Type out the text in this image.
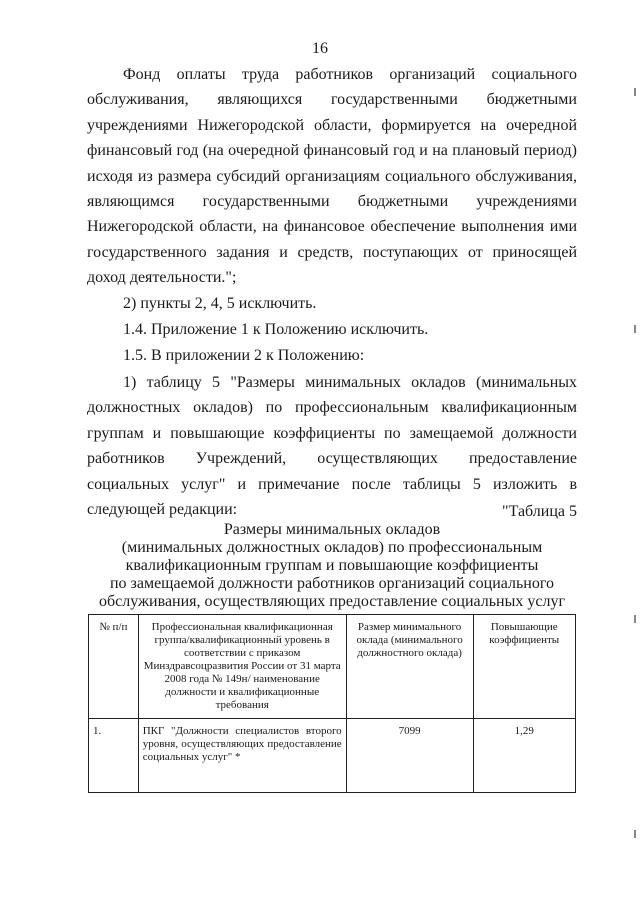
16

Фонд оплаты труда работников организаций социального обслуживания, являющихся государственными бюджетными учреждениями Нижегородской области, формируется на очередной финансовый год (на очередной финансовый год и на плановый период) исходя из размера субсидий организациям социального обслуживания, являющимся государственными бюджетными учреждениями Нижегородской области, на финансовое обеспечение выполнения ими государственного задания и средств, поступающих от приносящей доход деятельности.";

2) пункты 2, 4, 5 исключить.

1.4. Приложение 1 к Положению исключить.

1.5. В приложении 2 к Положению:

1) таблицу 5 "Размеры минимальных окладов (минимальных должностных окладов) по профессиональным квалификационным группам и повышающие коэффициенты по замещаемой должности работников Учреждений, осуществляющих предоставление социальных услуг" и примечание после таблицы 5 изложить в следующей редакции:	"Таблица 5
Размеры минимальных окладов
(минимальных должностных окладов) по профессиональным
квалификационным группам и повышающие коэффициенты
по замещаемой должности работников организаций социального
обслуживания, осуществляющих предоставление социальных услуг
№ п/п	Профессиональная квалификационная группа/квалификационный уровень в соответствии с приказом Минздравсоцразвития России от 31 марта 2008 года № 149н/ наименование должности и квалификационные требования	Размер минимального оклада (минимального должностного оклада)	Повышающие коэффициенты
1.	ПКГ "Должности специалистов второго уровня, осуществляющих предоставление социальных услуг" *	7099	1,29
